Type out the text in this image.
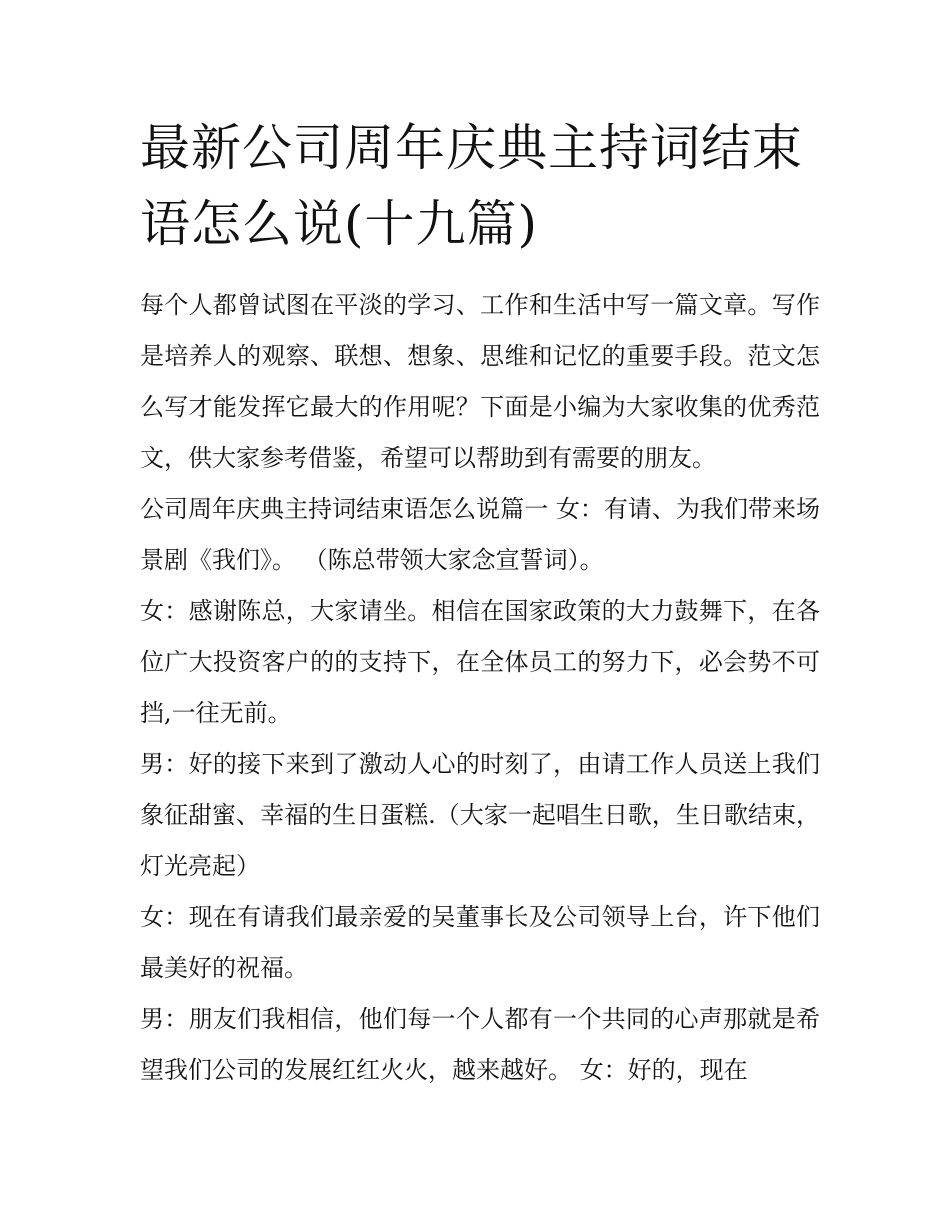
最新公司周年庆典主持词结束语怎么说(十九篇)

每个人都曾试图在平淡的学习、工作和生活中写一篇文章。写作是培养人的观察、联想、想象、思维和记忆的重要手段。范文怎么写才能发挥它最大的作用呢？下面是小编为大家收集的优秀范文，供大家参考借鉴，希望可以帮助到有需要的朋友。

公司周年庆典主持词结束语怎么说篇一 女：有请、为我们带来场景剧《我们》。 （陈总带领大家念宣誓词）。

女：感谢陈总，大家请坐。相信在国家政策的大力鼓舞下，在各位广大投资客户的的支持下，在全体员工的努力下，必会势不可挡,一往无前。

男：好的接下来到了激动人心的时刻了，由请工作人员送上我们象征甜蜜、幸福的生日蛋糕.（大家一起唱生日歌，生日歌结束，灯光亮起）

女：现在有请我们最亲爱的吴董事长及公司领导上台，许下他们最美好的祝福。

男：朋友们我相信，他们每一个人都有一个共同的心声那就是希望我们公司的发展红红火火，越来越好。 女：好的，现在
